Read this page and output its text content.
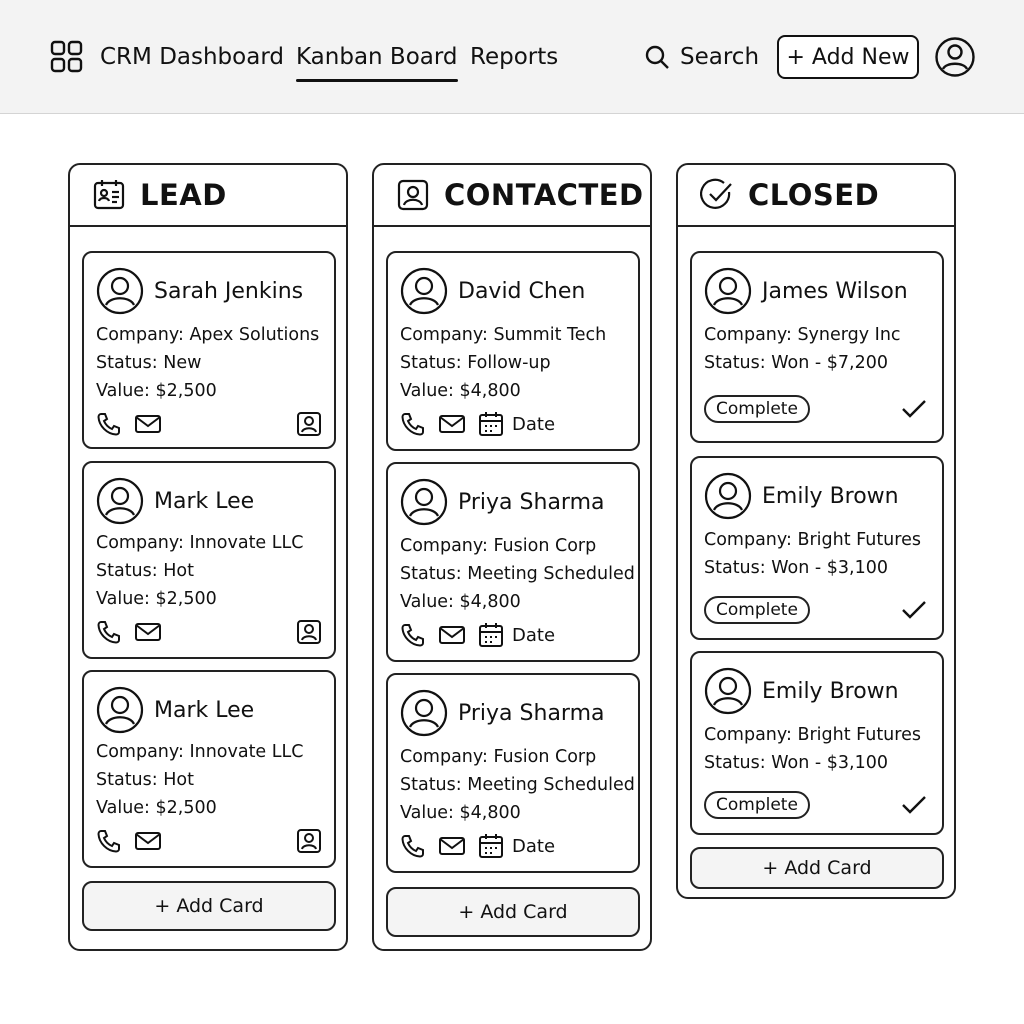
CRM Dashboard Kanban Board Reports	Search	+ Add New
LEAD
Sarah Jenkins
Company: Apex Solutions
Status: New
Value: $2,500
Mark Lee
Company: Innovate LLC
Status: Hot
Value: $2,500
Mark Lee
Company: Innovate LLC
Status: Hot
Value: $2,500
+ Add Card
CONTACTED
David Chen
Company: Summit Tech
Status: Follow-up
Value: $4,800
Date
Priya Sharma
Company: Fusion Corp
Status: Meeting Scheduled
Value: $4,800
Date
Priya Sharma
Company: Fusion Corp
Status: Meeting Scheduled
Value: $4,800
Date
+ Add Card
CLOSED
James Wilson
Company: Synergy Inc
Status: Won - $7,200
Complete
Emily Brown
Company: Bright Futures
Status: Won - $3,100
Complete
Emily Brown
Company: Bright Futures
Status: Won - $3,100
Complete
+ Add Card
